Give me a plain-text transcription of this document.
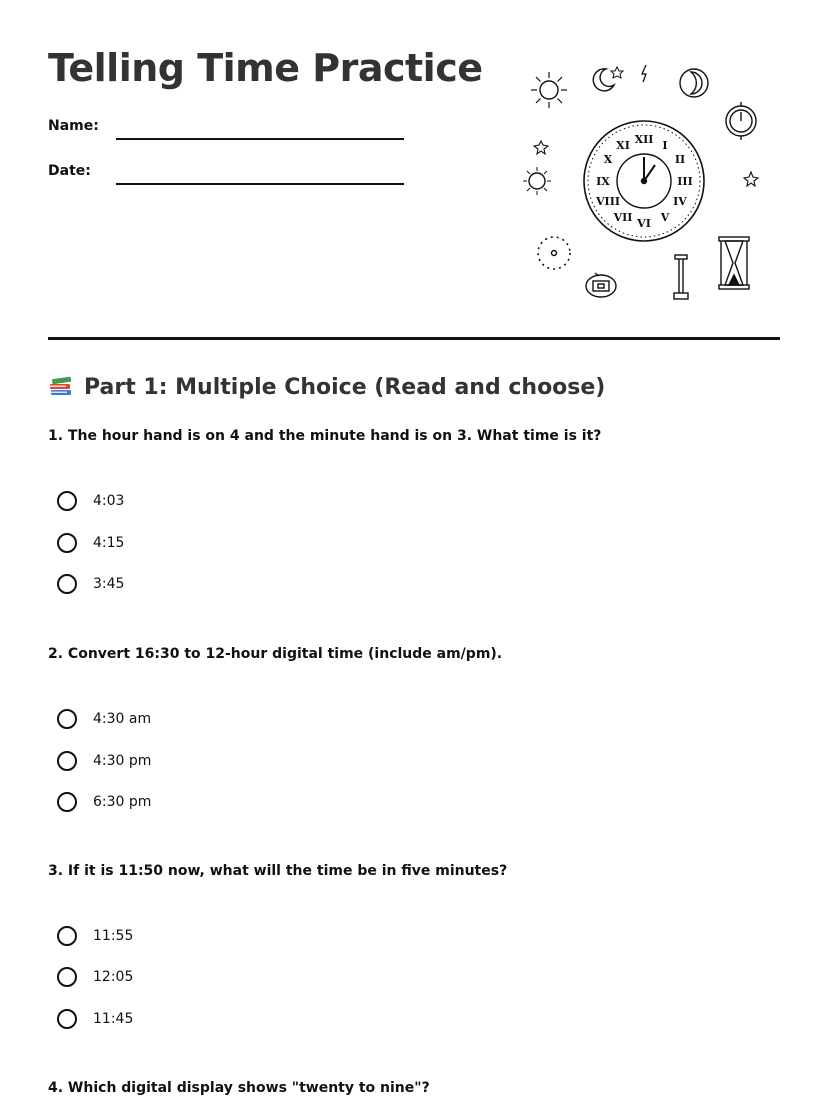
Telling Time Practice
Name:
Date:
XII I
II
III
IV
V
VI
VII
VIII
IX
X
XI
Part 1: Multiple Choice (Read and choose)

1. The hour hand is on 4 and the minute hand is on 3. What time is it?

4:03
4:15
3:45

2. Convert 16:30 to 12-hour digital time (include am/pm).

4:30 am
4:30 pm
6:30 pm

3. If it is 11:50 now, what will the time be in five minutes?

11:55
12:05
11:45

4. Which digital display shows "twenty to nine"?
